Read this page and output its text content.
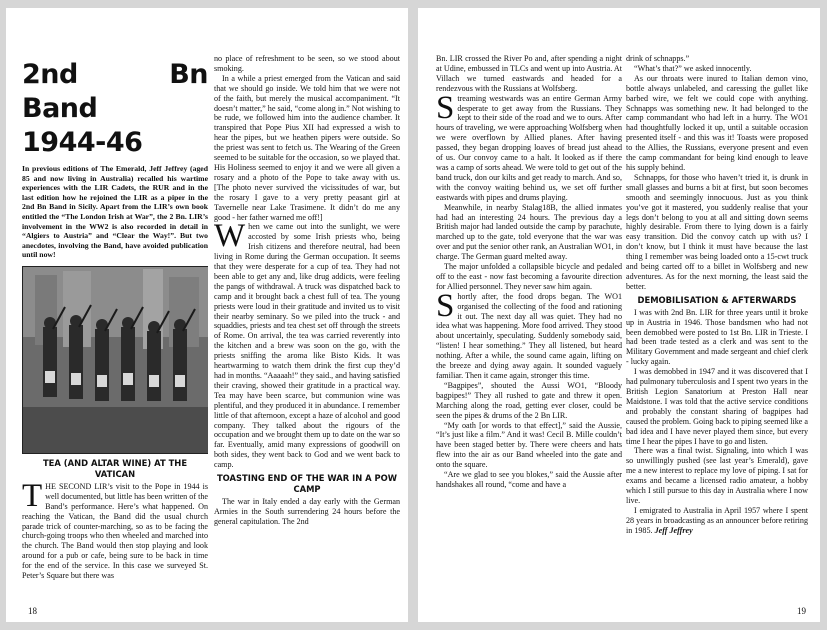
2nd Bn Band
1944-46
In previous editions of The Emerald, Jeff Jeffrey (aged 85 and now living in Australia) recalled his wartime experiences with the LIR Cadets, the RUR and in the last edition how he rejoined the LIR as a piper in the 2nd Bn Band in Sicily. Apart from the LIR’s own book entitled the “The London Irish at War”, the 2 Bn. LIR’s involvement in the WW2 is also recorded in detail in “Algiers to Austria” and “Clear the Way!”. But two anecdotes, involving the Band, have avoided publication until now!
TEA (AND ALTAR WINE) AT THE VATICAN

THE SECOND LIR’s visit to the Pope in 1944 is well documented, but little has been written of the Band’s performance. Here’s what happened. On reaching the Vatican, the Band did the usual church parade trick of counter-marching, so as to be facing the church-going troops who then wheeled and marched into the church. The Band would then stop playing and look around for a pub or cafe, being sure to be back in time for the end of the service. In this case we surveyed St. Peter’s Square but there was

no place of refreshment to be seen, so we stood about smoking.

In a while a priest emerged from the Vatican and said that we should go inside. We told him that we were not of the faith, but merely the musical accompaniment. “It doesn’t matter,” he said, “come along in.” Not wishing to be rude, we followed him into the audience chamber. It transpired that Pope Pius XII had expressed a wish to hear the pipes, but we heathen pipers were outside. So the priest was sent to fetch us. The Wearing of the Green seemed to be suitable for the occasion, so we played that. His Holiness seemed to enjoy it and we were all given a rosary and a photo of the Pope to take away with us. [The photo never survived the vicissitudes of war, but the rosary I gave to a very pretty peasant girl at Tavernelle near Lake Trasimene. It didn’t do me any good - her father warned me off!]

When we came out into the sunlight, we were accosted by some Irish priests who, being Irish citizens and therefore neutral, had been living in Rome during the German occupation. It seems that they were desperate for a cup of tea. They had not been able to get any and, like drug addicts, were feeling the pangs of withdrawal. A truck was dispatched back to camp and it brought back a chest full of tea. The young priests were loud in their gratitude and invited us to visit their nearby seminary. So we piled into the truck - and squaddies, priests and tea chest set off through the streets of Rome. On arrival, the tea was carried reverently into the kitchen and a brew was soon on the go, with the priests sniffing the aroma like Bisto Kids. It was heartwarming to watch them drink the first cup they’d had in months. “Aaaaah!” they said., and having satisfied their craving, showed their gratitude in a practical way. Tea may have been scarce, but communion wine was plentiful, and they produced it in abundance. I remember little of that afternoon, except a haze of alcohol and good company. They talked about the rigours of the occupation and we brought them up to date on the war so far. Eventually, amid many expressions of goodwill on both sides, they went back to God and we went back to camp.

TOASTING END OF THE WAR IN A POW CAMP

The war in Italy ended a day early with the German Armies in the South surrendering 24 hours before the general capitulation. The 2nd

18

Bn. LIR crossed the River Po and, after spending a night at Udine, embussed in TLCs and went up into Austria. At Villach we turned eastwards and headed for a rendezvous with the Russians at Wolfsberg.

Streaming westwards was an entire German Army desperate to get away from the Russians. They kept to their side of the road and we to ours. After hours of traveling, we were approaching Wolfsberg when we were overflown by Allied planes. After having passed, they began dropping loaves of bread just ahead of us. Our convoy came to a halt. It looked as if there was a camp of sorts ahead. We were told to get out of the band truck, don our kilts and get ready to march. And so, with the convoy waiting behind us, we set off further eastwards with pipes and drums playing.

Meanwhile, in nearby Stalag18B, the allied inmates had had an interesting 24 hours. The previous day a British major had landed outside the camp by parachute, marched up to the gate, told everyone that the war was over and put the senior other rank, an Australian WO1, in charge. The German guard melted away.

The major unfolded a collapsible bicycle and pedaled off to the east - now fast becoming a favourite direction for Allied personnel. They never saw him again.

Shortly after, the food drops began. The WO1 organised the collecting of the food and rationing it out. The next day all was quiet. They had no idea what was happening. More food arrived. They stood about uncertainly, speculating. Suddenly somebody said, “listen! I hear something.” They all listened, but heard nothing. After a while, the sound came again, lifting on the breeze and dying away again. It sounded vaguely familiar. Then it came again, stronger this time.

“Bagpipes”, shouted the Aussi WO1, “Bloody bagpipes!” They all rushed to gate and threw it open. Marching along the road, getting ever closer, could be seen the pipes & drums of the 2 Bn LIR.

“My oath [or words to that effect],” said the Aussie, “It’s just like a film.” And it was! Cecil B. Mille couldn’t have been staged better by. There were cheers and hats flew into the air as our Band wheeled into the gate and onto the square.

“Are we glad to see you blokes,” said the Aussie after handshakes all round, “come and have a

drink of schnapps.”

“What’s that?” we asked innocently.

As our throats were inured to Italian demon vino, bottle always unlabeled, and caressing the gullet like barbed wire, we felt we could cope with anything. Schnapps was something new. It had belonged to the camp commandant who had left in a hurry. The WO1 had thoughtfully locked it up, until a suitable occasion presented itself - and this was it! Toasts were proposed to the Allies, the Russians, everyone present and even the camp commandant for being kind enough to leave his supply behind.

Schnapps, for those who haven’t tried it, is drunk in small glasses and burns a bit at first, but soon becomes smooth and seemingly innocuous. Just as you think you’ve got it mastered, you suddenly realise that your legs don’t belong to you at all and sitting down seems highly desirable. From there to lying down is a fairly easy transition. Did the convoy catch up with us? I don’t know, but I think it must have because the last thing I remember was being loaded onto a 15-cwt truck and being carted off to a billet in Wolfsberg and new adventures. As for the next morning, the least said the better.

DEMOBILISATION & AFTERWARDS

I was with 2nd Bn. LIR for three years until it broke up in Austria in 1946. Those bandsmen who had not been demobbed were posted to 1st Bn. LIR in Trieste. I had been trade tested as a clerk and was sent to the Military Government and made sergeant and chief clerk - lucky again.

I was demobbed in 1947 and it was discovered that I had pulmonary tuberculosis and I spent two years in the British Legion Sanatorium at Preston Hall near Maidstone. I was told that the active service conditions and probably the constant sharing of bagpipes had caused the problem. Going back to piping seemed like a bad idea and I have never played them since, but every time I hear the pipes I have to go and listen.

There was a final twist. Signaling, into which I was so unwillingly pushed (see last year’s Emerald), gave me a new interest to replace my love of piping. I sat for exams and became a licensed radio amateur, a hobby which I still pursue to this day in Australia where I now live.

I emigrated to Australia in April 1957 where I spent 28 years in broadcasting as an announcer before retiring in 1985. Jeff Jeffrey

19
